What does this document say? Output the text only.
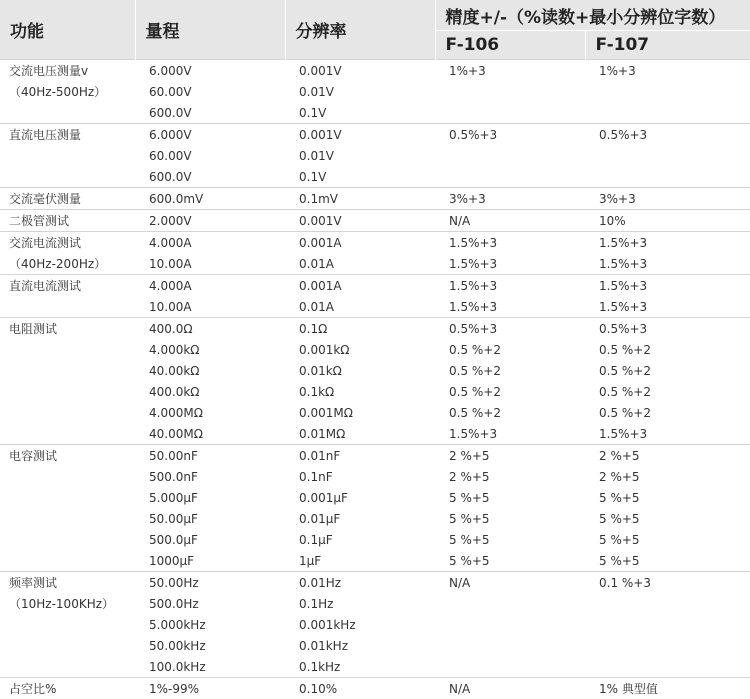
功能	量程	分辨率	精度+/-（%读数+最小分辨位字数）	
			F-106	F-107
交流电压测量v	6.000V	0.001V	1%+3	1%+3
（40Hz-500Hz）	60.00V	0.01V		
	600.0V	0.1V		
直流电压测量	6.000V	0.001V	0.5%+3	0.5%+3
	60.00V	0.01V		
	600.0V	0.1V		
交流毫伏测量	600.0mV	0.1mV	3%+3	3%+3
二极管测试	2.000V	0.001V	N/A	10%
交流电流测试	4.000A	0.001A	1.5%+3	1.5%+3
（40Hz-200Hz）	10.00A	0.01A	1.5%+3	1.5%+3
直流电流测试	4.000A	0.001A	1.5%+3	1.5%+3
	10.00A	0.01A	1.5%+3	1.5%+3
电阻测试	400.0Ω	0.1Ω	0.5%+3	0.5%+3
	4.000kΩ	0.001kΩ	0.5 %+2	0.5 %+2
	40.00kΩ	0.01kΩ	0.5 %+2	0.5 %+2
	400.0kΩ	0.1kΩ	0.5 %+2	0.5 %+2
	4.000MΩ	0.001MΩ	0.5 %+2	0.5 %+2
	40.00MΩ	0.01MΩ	1.5%+3	1.5%+3
电容测试	50.00nF	0.01nF	2 %+5	2 %+5
	500.0nF	0.1nF	2 %+5	2 %+5
	5.000μF	0.001μF	5 %+5	5 %+5
	50.00μF	0.01μF	5 %+5	5 %+5
	500.0μF	0.1μF	5 %+5	5 %+5
	1000μF	1μF	5 %+5	5 %+5
频率测试	50.00Hz	0.01Hz	N/A	0.1 %+3
（10Hz-100KHz）	500.0Hz	0.1Hz		
	5.000kHz	0.001kHz		
	50.00kHz	0.01kHz		
	100.0kHz	0.1kHz		
占空比%	1%-99%	0.10%	N/A	1% 典型值
